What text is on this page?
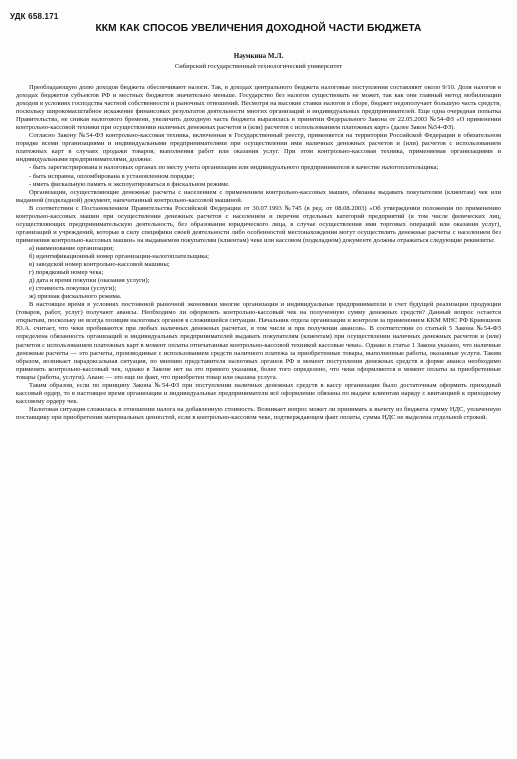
УДК 658.171
ККМ КАК СПОСОБ УВЕЛИЧЕНИЯ ДОХОДНОЙ ЧАСТИ БЮДЖЕТА
Наумкина М.Л.
Сибирский государственный технологический университет

Преобладающую долю доходов бюджета обеспечивают налоги. Так, в доходах центрального бюджета налоговые поступления составляют около 9/10. Доля налогов в доходах бюджетов субъектов РФ и местных бюджетов значительно меньше. Государство без налогов существовать не может, так как они главный метод мобилизации доходов в условиях господства частной собственности и рыночных отношений. Несмотря на высокие ставки налогов в сборе, бюджет недополучает большую часть средств, поскольку широкомасштабное искажение финансовых результатов деятельности многих организаций и индивидуальных предпринимателей. Еще одна очередная попытка Правительства, не сникая налогового бремени, увеличить доходную часть бюджета выразилась в принятии Федерального Закона от 22.05.2003 №54-ФЗ «О применении контрольно-кассовой техники при осуществлении наличных денежных расчетов и (или) расчетов с использованием платежных карт» (далее Закон №54-ФЗ).

Согласно Закону №54-ФЗ контрольно-кассовая техника, включенная в Государственный реестр, применяется на территории Российской Федерации в обязательном порядке всеми организациями и индивидуальными предпринимателями при осуществлении ими наличных денежных расчетов и (или) расчетов с использованием платежных карт в случаях продажи товаров, выполнения работ или оказания услуг. При этом контрольно-кассовая техника, применяемая организациями и индивидуальными предпринимателями, должна:

- быть зарегистрирована в налоговых органах по месту учета организации или индивидуального предпринимателя в качестве налогоплательщика;

- быть исправна, опломбирована в установленном порядке;

- иметь фискальную память и эксплуатироваться в фискальном режиме.

Организации, осуществляющие денежные расчеты с населением с применением контрольно-кассовых машин, обязаны выдавать покупателям (клиентам) чек или выданной (подкладной) документ, напечатанный контрольно-кассовой машиной.

В соответствии с Постановлением Правительства Российской Федерации от 30.07.1993 №745 (в ред. от 08.08.2003) «Об утверждении положения по применению контрольно-кассовых машин при осуществлении денежных расчетов с населением и перечня отдельных категорий предприятий (в том числе физических лиц, осуществляющих предпринимательскую деятельность, без образования юридического лица, в случае осуществления ими торговых операций или оказания услуг), организаций и учреждений, которые в силу специфики своей деятельности либо особенностей местонахождения могут осуществлять денежные расчеты с населением без применения контрольно-кассовых машин» на выдаваемом покупателям (клиентам) чеке или кассовом (подкладном) документе должны отражаться следующие реквизиты:

а) наименование организации;
б) идентификационный номер организации-налогоплательщика;
в) заводской номер контрольно-кассовой машины;
г) порядковый номер чека;
д) дата и время покупки (оказания услуги);
е) стоимость покупки (услуги);
ж) признак фискального режима.

В настоящее время в условиях постоянной рыночной экономики многие организации и индивидуальные предприниматели в счет будущей реализации продукции (товаров, работ, услуг) получают авансы. Необходимо ли оформлять контрольно-кассовый чек на полученную сумму денежных средств? Данный вопрос остается открытым, поскольку не всегда позиции налоговых органов в сложившейся ситуации. Начальник отдела организации и контроля за применением ККМ МНС РФ Кривошеев Ю.А. считает, что чеки пробиваются при любых наличных денежных расчетах, в том числе и при получении авансов». В соответствии со статьей 5 Закона №54-ФЗ определена обязанность организаций и индивидуальных предпринимателей выдавать покупателям (клиентам) при осуществлении наличных денежных расчетов и (или) расчетов с использованием платежных карт в момент оплаты отпечатанные контрольно-кассовой техникой кассовые чеки». Однако в статье 1 Закона указано, что наличные денежные расчеты — это расчеты, производимые с использованием средств наличного платежа за приобретенные товары, выполненные работы, оказанные услуги. Таким образом, возникает парадоксальная ситуация, по мнению представителя налоговых органов РФ в момент поступления денежных средств в форме аванса необходимо применять контрольно-кассовый чек, однако в Законе нет на это прямого указания, более того определено, что чеки оформляются в момент оплаты за приобретенные товары (работы, услуги). Аванс — это еще не факт, что приобретен товар или оказана услуга.

Таким образом, если по принципу Закона №54-ФЗ при поступлении наличных денежных средств в кассу организации было достаточным оформить приходный кассовый ордер, то в настоящее время организации и индивидуальные предприниматели всё оформление обязаны по выдаче клиентам наряду с квитанцией к приходному кассовому ордеру чек.

Налоговая ситуация сложилась в отношении налога на добавленную стоимость. Возникает вопрос может ли принимать к вычету из бюджета сумму НДС, уплаченную поставщику при приобретении материальных ценностей, если в контрольно-кассовом чеке, подтверждающем факт оплаты, сумма НДС не выделена отдельной строкой.
